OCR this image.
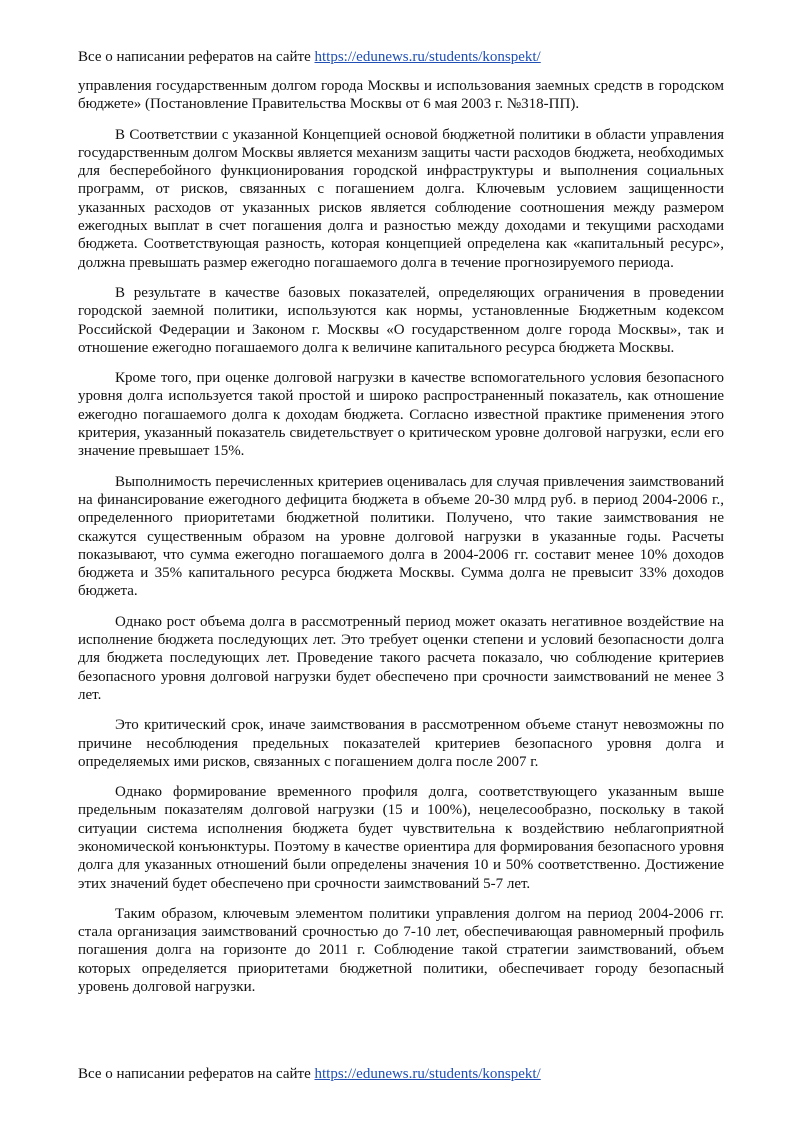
Все о написании рефератов на сайте https://edunews.ru/students/konspekt/

управления государственным долгом города Москвы и использования заемных средств в городском бюджете» (Постановление Правительства Москвы от 6 мая 2003 г. №318-ПП).

В Соответствии с указанной Концепцией основой бюджетной политики в области управления государственным долгом Москвы является механизм защиты части расходов бюджета, необходимых для бесперебойного функционирования городской инфраструктуры и выполнения социальных программ, от рисков, связанных с погашением долга. Ключевым условием защищенности указанных расходов от указанных рисков является соблюдение соотношения между размером ежегодных выплат в счет погашения долга и разностью между доходами и текущими расходами бюджета. Соответствующая разность, которая концепцией определена как «капитальный ресурс», должна превышать размер ежегодно погашаемого долга в течение прогнозируемого периода.

В результате в качестве базовых показателей, определяющих ограничения в проведении городской заемной политики, используются как нормы, установленные Бюджетным кодексом Российской Федерации и Законом г. Москвы «О государственном долге города Москвы», так и отношение ежегодно погашаемого долга к величине капитального ресурса бюджета Москвы.

Кроме того, при оценке долговой нагрузки в качестве вспомогательного условия безопасного уровня долга используется такой простой и широко распространенный показатель, как отношение ежегодно погашаемого долга к доходам бюджета. Согласно известной практике применения этого критерия, указанный показатель свидетельствует о критическом уровне долговой нагрузки, если его значение превышает 15%.

Выполнимость перечисленных критериев оценивалась для случая привлечения заимствований на финансирование ежегодного дефицита бюджета в объеме 20-30 млрд руб. в период 2004-2006 г., определенного приоритетами бюджетной политики. Получено, что такие заимствования не скажутся существенным образом на уровне долговой нагрузки в указанные годы. Расчеты показывают, что сумма ежегодно погашаемого долга в 2004-2006 гг. составит менее 10% доходов бюджета и 35% капитального ресурса бюджета Москвы. Сумма долга не превысит 33% доходов бюджета.

Однако рост объема долга в рассмотренный период может оказать негативное воздействие на исполнение бюджета последующих лет. Это требует оценки степени и условий безопасности долга для бюджета последующих лет. Проведение такого расчета показало, чю соблюдение критериев безопасного уровня долговой нагрузки будет обеспечено при срочности заимствований не менее 3 лет.

Это критический срок, иначе заимствования в рассмотренном объеме станут невозможны по причине несоблюдения предельных показателей критериев безопасного уровня долга и определяемых ими рисков, связанных с погашением долга после 2007 г.

Однако формирование временного профиля долга, соответствующего указанным выше предельным показателям долговой нагрузки (15 и 100%), нецелесообразно, поскольку в такой ситуации система исполнения бюджета будет чувствительна к воздействию неблагоприятной экономической конъюнктуры. Поэтому в качестве ориентира для формирования безопасного уровня долга для указанных отношений были определены значения 10 и 50% соответственно. Достижение этих значений будет обеспечено при срочности заимствований 5-7 лет.

Таким образом, ключевым элементом политики управления долгом на период 2004-2006 гг. стала организация заимствований срочностью до 7-10 лет, обеспечивающая равномерный профиль погашения долга на горизонте до 2011 г. Соблюдение такой стратегии заимствований, объем которых определяется приоритетами бюджетной политики, обеспечивает городу безопасный уровень долговой нагрузки.

Все о написании рефератов на сайте https://edunews.ru/students/konspekt/
